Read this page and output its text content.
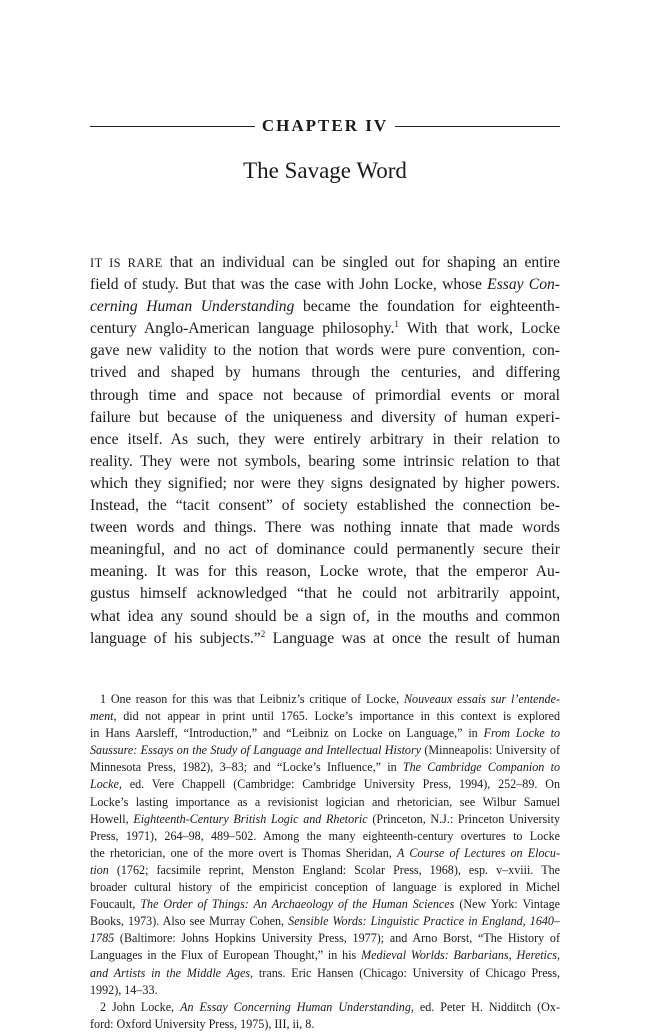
CHAPTER IV
The Savage Word
IT IS RARE that an individual can be singled out for shaping an entire
field of study. But that was the case with John Locke, whose Essay Con-
cerning Human Understanding became the foundation for eighteenth-
century Anglo-American language philosophy.$^1$ With that work, Locke
gave new validity to the notion that words were pure convention, con-
trived and shaped by humans through the centuries, and differing
through time and space not because of primordial events or moral
failure but because of the uniqueness and diversity of human experi-
ence itself. As such, they were entirely arbitrary in their relation to
reality. They were not symbols, bearing some intrinsic relation to that
which they signified; nor were they signs designated by higher powers.
Instead, the “tacit consent” of society established the connection be-
tween words and things. There was nothing innate that made words
meaningful, and no act of dominance could permanently secure their
meaning. It was for this reason, Locke wrote, that the emperor Au-
gustus himself acknowledged “that he could not arbitrarily appoint,
what idea any sound should be a sign of, in the mouths and common
language of his subjects.”$^2$ Language was at once the result of human
1 One reason for this was that Leibniz’s critique of Locke, Nouveaux essais sur l’entende-
ment, did not appear in print until 1765. Locke’s importance in this context is explored
in Hans Aarsleff, “Introduction,” and “Leibniz on Locke on Language,” in From Locke to
Saussure: Essays on the Study of Language and Intellectual History (Minneapolis: University of
Minnesota Press, 1982), 3–83; and “Locke’s Influence,” in The Cambridge Companion to
Locke, ed. Vere Chappell (Cambridge: Cambridge University Press, 1994), 252–89. On
Locke’s lasting importance as a revisionist logician and rhetorician, see Wilbur Samuel
Howell, Eighteenth-Century British Logic and Rhetoric (Princeton, N.J.: Princeton University
Press, 1971), 264–98, 489–502. Among the many eighteenth-century overtures to Locke
the rhetorician, one of the more overt is Thomas Sheridan, A Course of Lectures on Elocu-
tion (1762; facsimile reprint, Menston England: Scolar Press, 1968), esp. v–xviii. The
broader cultural history of the empiricist conception of language is explored in Michel
Foucault, The Order of Things: An Archaeology of the Human Sciences (New York: Vintage
Books, 1973). Also see Murray Cohen, Sensible Words: Linguistic Practice in England, 1640–
1785 (Baltimore: Johns Hopkins University Press, 1977); and Arno Borst, “The History of
Languages in the Flux of European Thought,” in his Medieval Worlds: Barbarians, Heretics,
and Artists in the Middle Ages, trans. Eric Hansen (Chicago: University of Chicago Press,
1992), 14–33.
2 John Locke, An Essay Concerning Human Understanding, ed. Peter H. Nidditch (Ox-
ford: Oxford University Press, 1975), III, ii, 8.
